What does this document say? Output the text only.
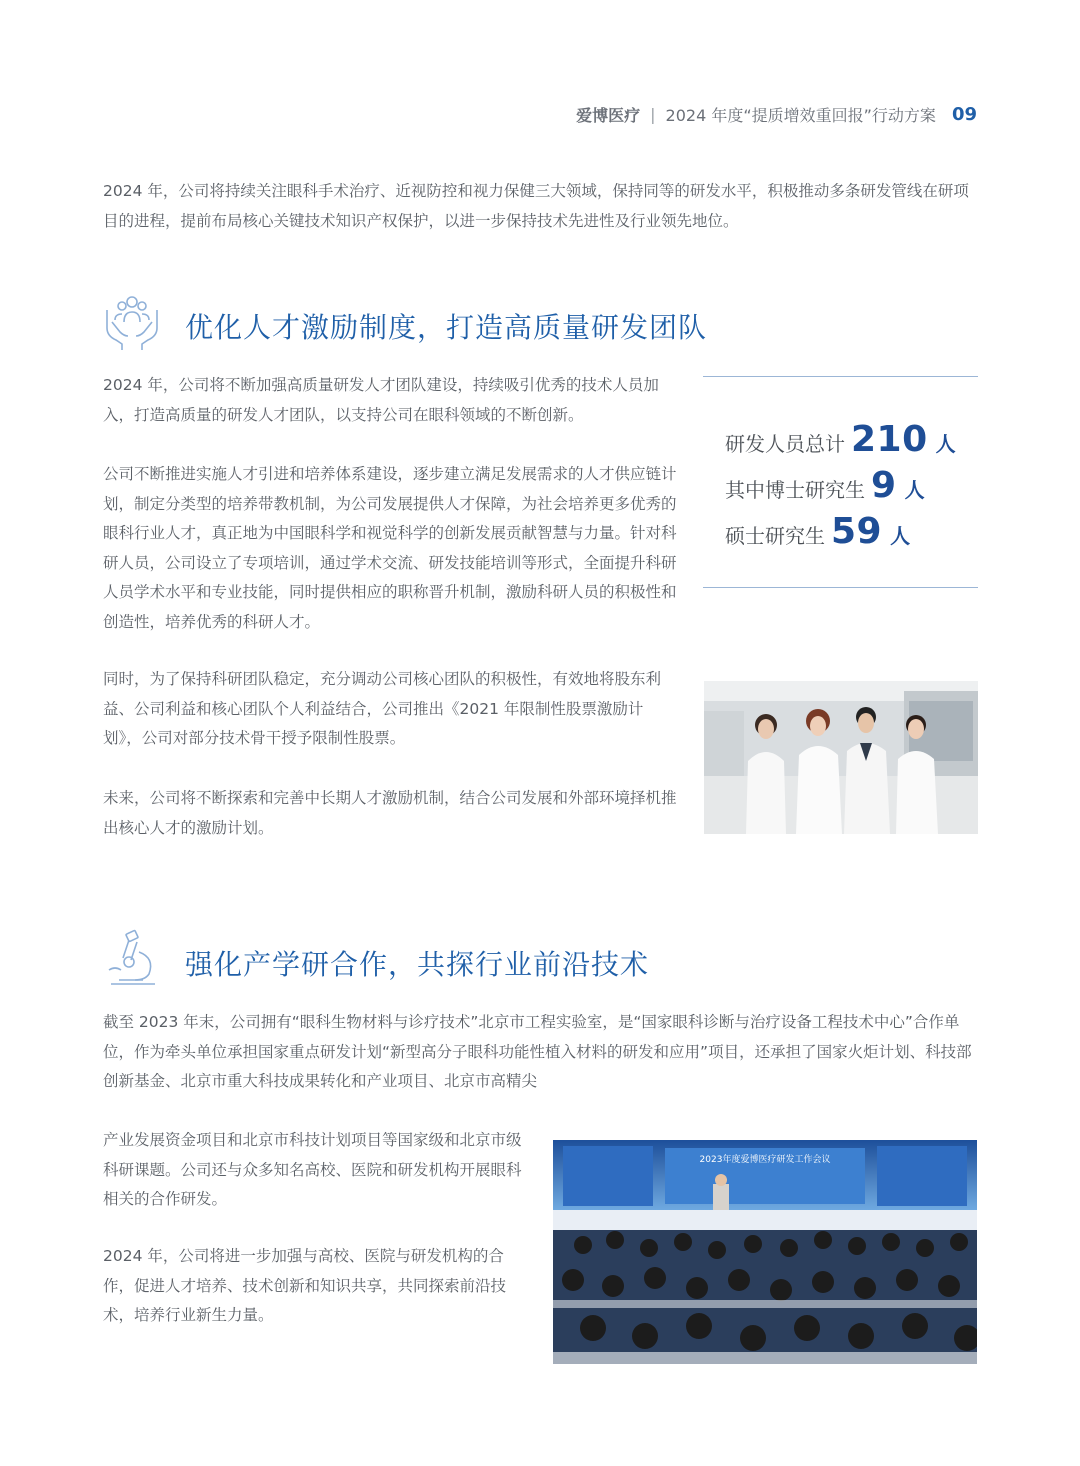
爱博医疗 | 2024 年度“提质增效重回报”行动方案 09

2024 年，公司将持续关注眼科手术治疗、近视防控和视力保健三大领域，保持同等的研发水平，积极推动多条研发管线在研项目的进程，提前布局核心关键技术知识产权保护，以进一步保持技术先进性及行业领先地位。

优化人才激励制度，打造高质量研发团队

2024 年，公司将不断加强高质量研发人才团队建设，持续吸引优秀的技术人员加入，打造高质量的研发人才团队，以支持公司在眼科领域的不断创新。

公司不断推进实施人才引进和培养体系建设，逐步建立满足发展需求的人才供应链计划，制定分类型的培养带教机制，为公司发展提供人才保障，为社会培养更多优秀的眼科行业人才，真正地为中国眼科学和视觉科学的创新发展贡献智慧与力量。针对科研人员，公司设立了专项培训，通过学术交流、研发技能培训等形式，全面提升科研人员学术水平和专业技能，同时提供相应的职称晋升机制，激励科研人员的积极性和创造性，培养优秀的科研人才。

同时，为了保持科研团队稳定，充分调动公司核心团队的积极性，有效地将股东利益、公司利益和核心团队个人利益结合，公司推出《2021 年限制性股票激励计划》，公司对部分技术骨干授予限制性股票。

未来，公司将不断探索和完善中长期人才激励机制，结合公司发展和外部环境择机推出核心人才的激励计划。

研发人员总计 210 人
其中博士研究生 9 人
硕士研究生 59 人
强化产学研合作，共探行业前沿技术

截至 2023 年末，公司拥有“眼科生物材料与诊疗技术”北京市工程实验室，是“国家眼科诊断与治疗设备工程技术中心”合作单位，作为牵头单位承担国家重点研发计划“新型高分子眼科功能性植入材料的研发和应用”项目，还承担了国家火炬计划、科技部创新基金、北京市重大科技成果转化和产业项目、北京市高精尖

产业发展资金项目和北京市科技计划项目等国家级和北京市级科研课题。公司还与众多知名高校、医院和研发机构开展眼科相关的合作研发。

2024 年，公司将进一步加强与高校、医院与研发机构的合作，促进人才培养、技术创新和知识共享，共同探索前沿技术，培养行业新生力量。

2023年度爱博医疗研发工作会议
